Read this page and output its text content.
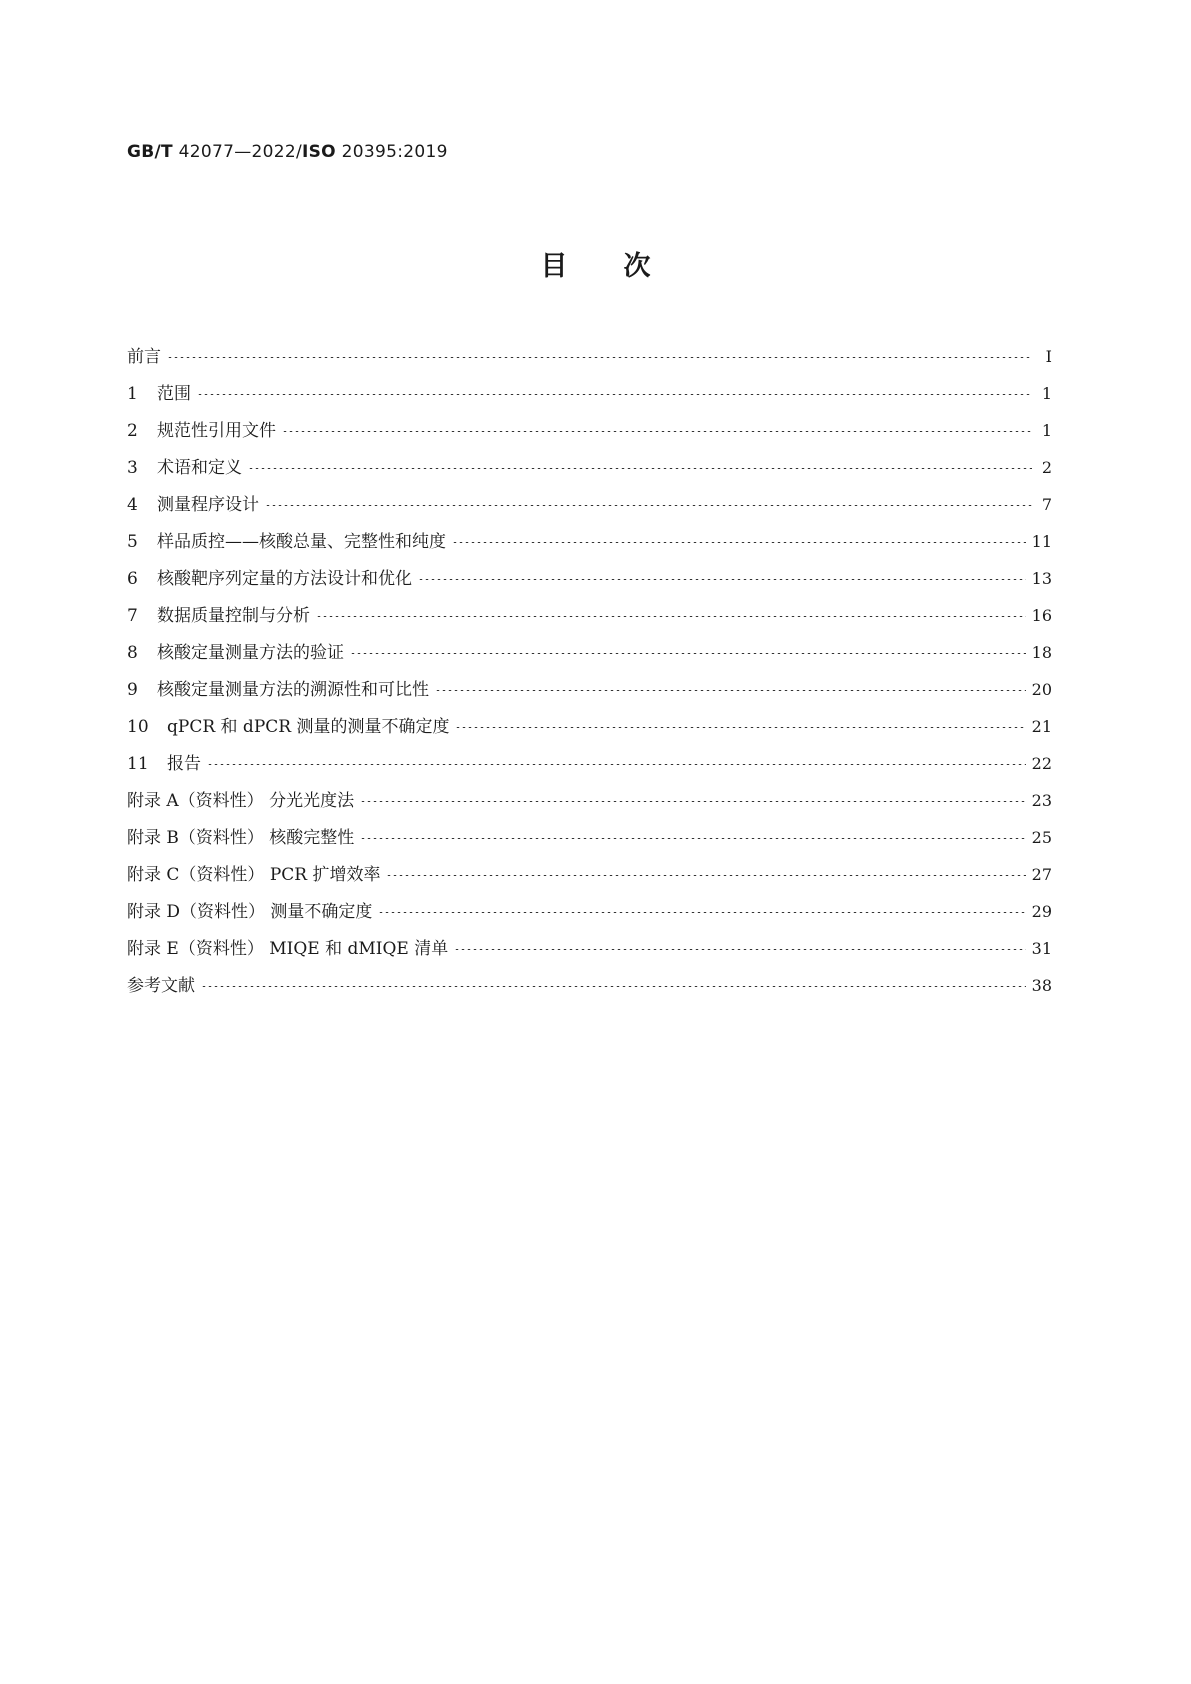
GB/T 42077—2022/ISO 20395:2019
目次
前言	Ⅰ
1	范围	1
2	规范性引用文件	1
3	术语和定义	2
4	测量程序设计	7
5	样品质控——核酸总量、完整性和纯度	11
6	核酸靶序列定量的方法设计和优化	13
7	数据质量控制与分析	16
8	核酸定量测量方法的验证	18
9	核酸定量测量方法的溯源性和可比性	20
10	qPCR 和 dPCR 测量的测量不确定度	21
11	报告	22
附录 A（资料性） 分光光度法	23
附录 B（资料性） 核酸完整性	25
附录 C（资料性） PCR 扩增效率	27
附录 D（资料性） 测量不确定度	29
附录 E（资料性） MIQE 和 dMIQE 清单	31
参考文献	38
